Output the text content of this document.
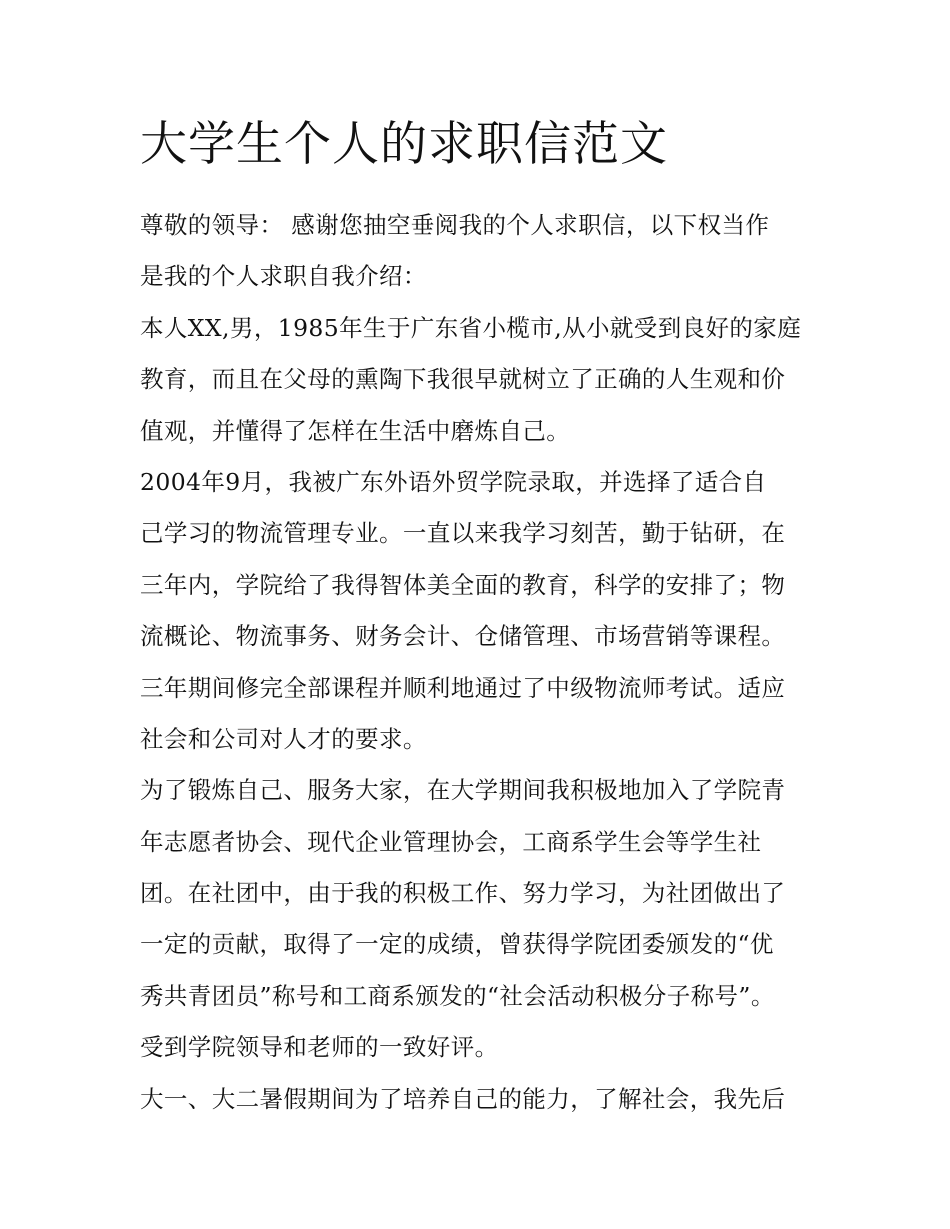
大学生个人的求职信范文
尊敬的领导： 感谢您抽空垂阅我的个人求职信，以下权当作
是我的个人求职自我介绍：
本人XX,男，1985年生于广东省小榄市,从小就受到良好的家庭
教育，而且在父母的熏陶下我很早就树立了正确的人生观和价
值观，并懂得了怎样在生活中磨炼自己。
2004年9月，我被广东外语外贸学院录取，并选择了适合自
己学习的物流管理专业。一直以来我学习刻苦，勤于钻研，在
三年内，学院给了我得智体美全面的教育，科学的安排了；物
流概论、物流事务、财务会计、仓储管理、市场营销等课程。
三年期间修完全部课程并顺利地通过了中级物流师考试。适应
社会和公司对人才的要求。
为了锻炼自己、服务大家，在大学期间我积极地加入了学院青
年志愿者协会、现代企业管理协会，工商系学生会等学生社
团。在社团中，由于我的积极工作、努力学习，为社团做出了
一定的贡献，取得了一定的成绩，曾获得学院团委颁发的“优
秀共青团员”称号和工商系颁发的“社会活动积极分子称号”。
受到学院领导和老师的一致好评。
大一、大二暑假期间为了培养自己的能力，了解社会，我先后
